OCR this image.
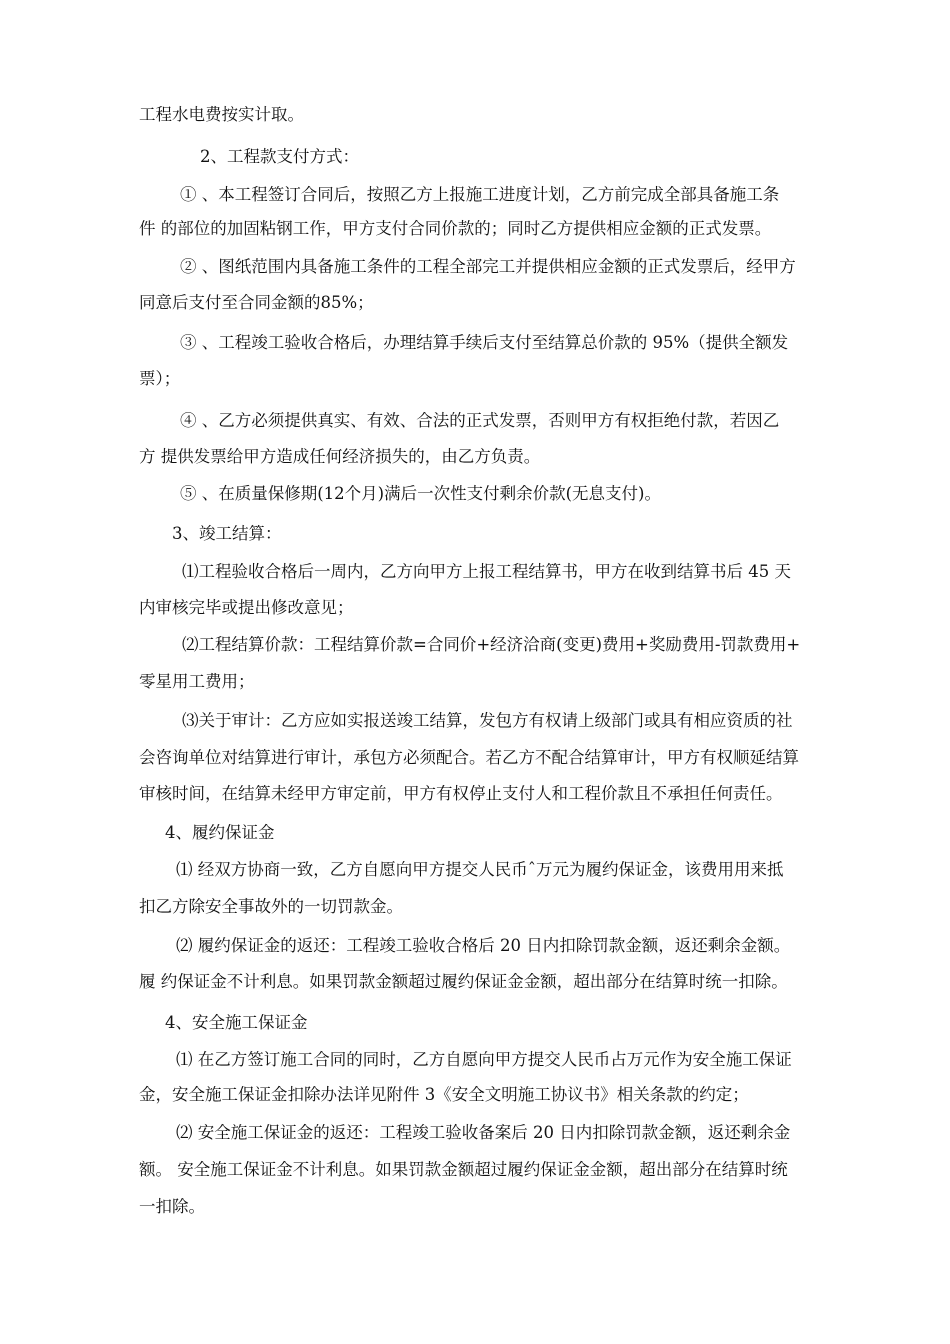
工程水电费按实计取。
2、工程款支付方式：
① 、本工程签订合同后，按照乙方上报施工进度计划，乙方前完成全部具备施工条
件 的部位的加固粘钢工作，甲方支付合同价款的；同时乙方提供相应金额的正式发票。
② 、图纸范围内具备施工条件的工程全部完工并提供相应金额的正式发票后，经甲方
同意后支付至合同金额的85%；
③ 、工程竣工验收合格后，办理结算手续后支付至结算总价款的 95%（提供全额发
票）；
④ 、乙方必须提供真实、有效、合法的正式发票，否则甲方有权拒绝付款，若因乙
方 提供发票给甲方造成任何经济损失的，由乙方负责。
⑤ 、在质量保修期(12个月)满后一次性支付剩余价款(无息支付)。
3、竣工结算：
⑴工程验收合格后一周内，乙方向甲方上报工程结算书，甲方在收到结算书后 45 天
内审核完毕或提出修改意见；
⑵工程结算价款：工程结算价款=合同价+经济洽商(变更)费用+奖励费用-罚款费用+
零星用工费用；
⑶关于审计：乙方应如实报送竣工结算，发包方有权请上级部门或具有相应资质的社
会咨询单位对结算进行审计，承包方必须配合。若乙方不配合结算审计，甲方有权顺延结算
审核时间，在结算未经甲方审定前，甲方有权停止支付人和工程价款且不承担任何责任。
4、履约保证金
⑴ 经双方协商一致，乙方自愿向甲方提交人民币ˆ万元为履约保证金，该费用用来抵
扣乙方除安全事故外的一切罚款金。
⑵ 履约保证金的返还：工程竣工验收合格后 20 日内扣除罚款金额，返还剩余金额。
履 约保证金不计利息。如果罚款金额超过履约保证金金额，超出部分在结算时统一扣除。
4、安全施工保证金
⑴ 在乙方签订施工合同的同时，乙方自愿向甲方提交人民币占万元作为安全施工保证
金，安全施工保证金扣除办法详见附件 3《安全文明施工协议书》相关条款的约定；
⑵ 安全施工保证金的返还：工程竣工验收备案后 20 日内扣除罚款金额，返还剩余金
额。 安全施工保证金不计利息。如果罚款金额超过履约保证金金额，超出部分在结算时统
一扣除。
